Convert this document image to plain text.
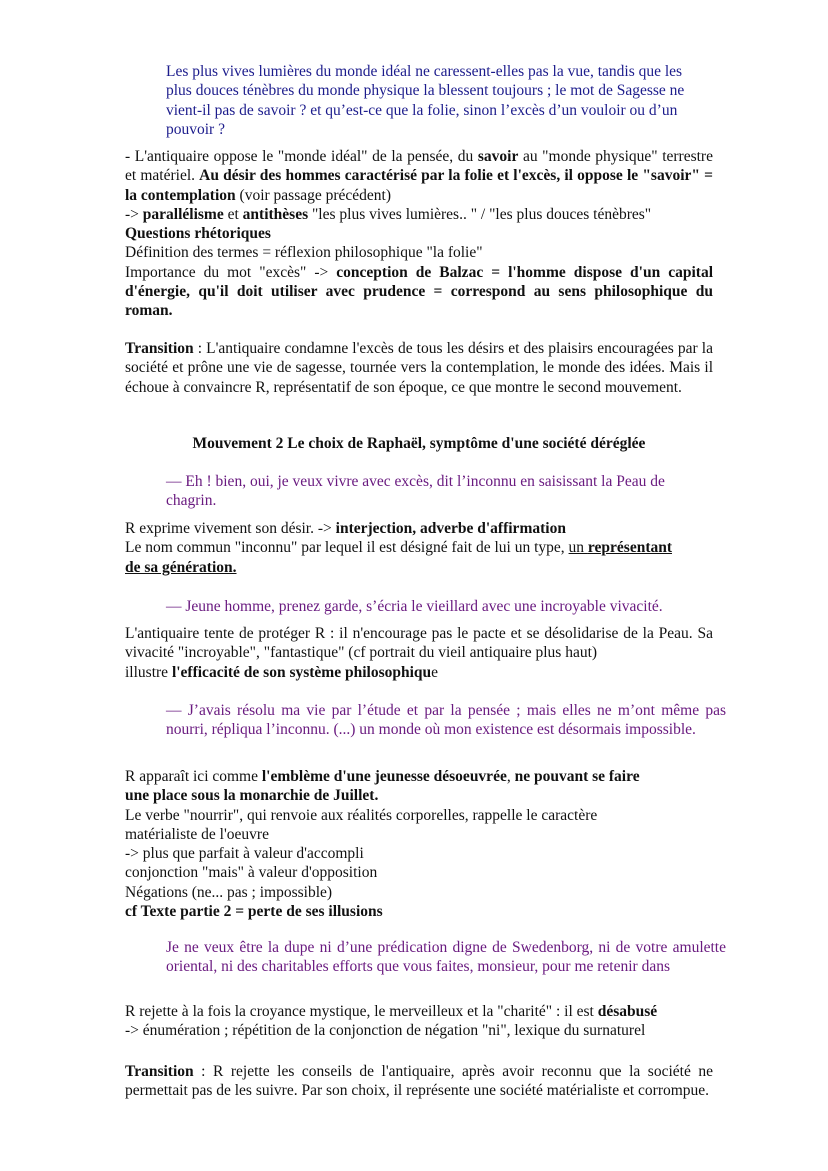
Les plus vives lumières du monde idéal ne caressent-elles pas la vue, tandis que les
plus douces ténèbres du monde physique la blessent toujours ; le mot de Sagesse ne
vient-il pas de savoir ? et qu’est-ce que la folie, sinon l’excès d’un vouloir ou d’un
pouvoir ?
- L'antiquaire oppose le "monde idéal" de la pensée, du savoir au "monde physique" terrestre et matériel. Au désir des hommes caractérisé par la folie et l'excès, il oppose le "savoir" = la contemplation (voir passage précédent)
-> parallélisme et antithèses "les plus vives lumières.. " / "les plus douces ténèbres"
Questions rhétoriques
Définition des termes = réflexion philosophique "la folie"
Importance du mot "excès" -> conception de Balzac = l'homme dispose d'un capital d'énergie, qu'il doit utiliser avec prudence = correspond au sens philosophique du roman.
Transition : L'antiquaire condamne l'excès de tous les désirs et des plaisirs encouragées par la société et prône une vie de sagesse, tournée vers la contemplation, le monde des idées. Mais il échoue à convaincre R, représentatif de son époque, ce que montre le second mouvement.
Mouvement 2 Le choix de Raphaël, symptôme d'une société déréglée
— Eh ! bien, oui, je veux vivre avec excès, dit l’inconnu en saisissant la Peau de
chagrin.
R exprime vivement son désir. -> interjection, adverbe d'affirmation
Le nom commun "inconnu" par lequel il est désigné fait de lui un type, un représentant
de sa génération.
— Jeune homme, prenez garde, s’écria le vieillard avec une incroyable vivacité.
L'antiquaire tente de protéger R : il n'encourage pas le pacte et se désolidarise de la Peau. Sa vivacité "incroyable", "fantastique" (cf portrait du vieil antiquaire plus haut)
illustre l'efficacité de son système philosophique
— J’avais résolu ma vie par l’étude et par la pensée ; mais elles ne m’ont même pas nourri, répliqua l’inconnu. (...) un monde où mon existence est désormais impossible.
R apparaît ici comme l'emblème d'une jeunesse désoeuvrée, ne pouvant se faire
une place sous la monarchie de Juillet.
Le verbe "nourrir", qui renvoie aux réalités corporelles, rappelle le caractère
matérialiste de l'oeuvre
-> plus que parfait à valeur d'accompli
conjonction "mais" à valeur d'opposition
Négations (ne... pas ; impossible)
cf Texte partie 2 = perte de ses illusions
Je ne veux être la dupe ni d’une prédication digne de Swedenborg, ni de votre amulette oriental, ni des charitables efforts que vous faites, monsieur, pour me retenir dans
R rejette à la fois la croyance mystique, le merveilleux et la "charité" : il est désabusé
-> énumération ; répétition de la conjonction de négation "ni", lexique du surnaturel
Transition : R rejette les conseils de l'antiquaire, après avoir reconnu que la société ne permettait pas de les suivre. Par son choix, il représente une société matérialiste et corrompue.
